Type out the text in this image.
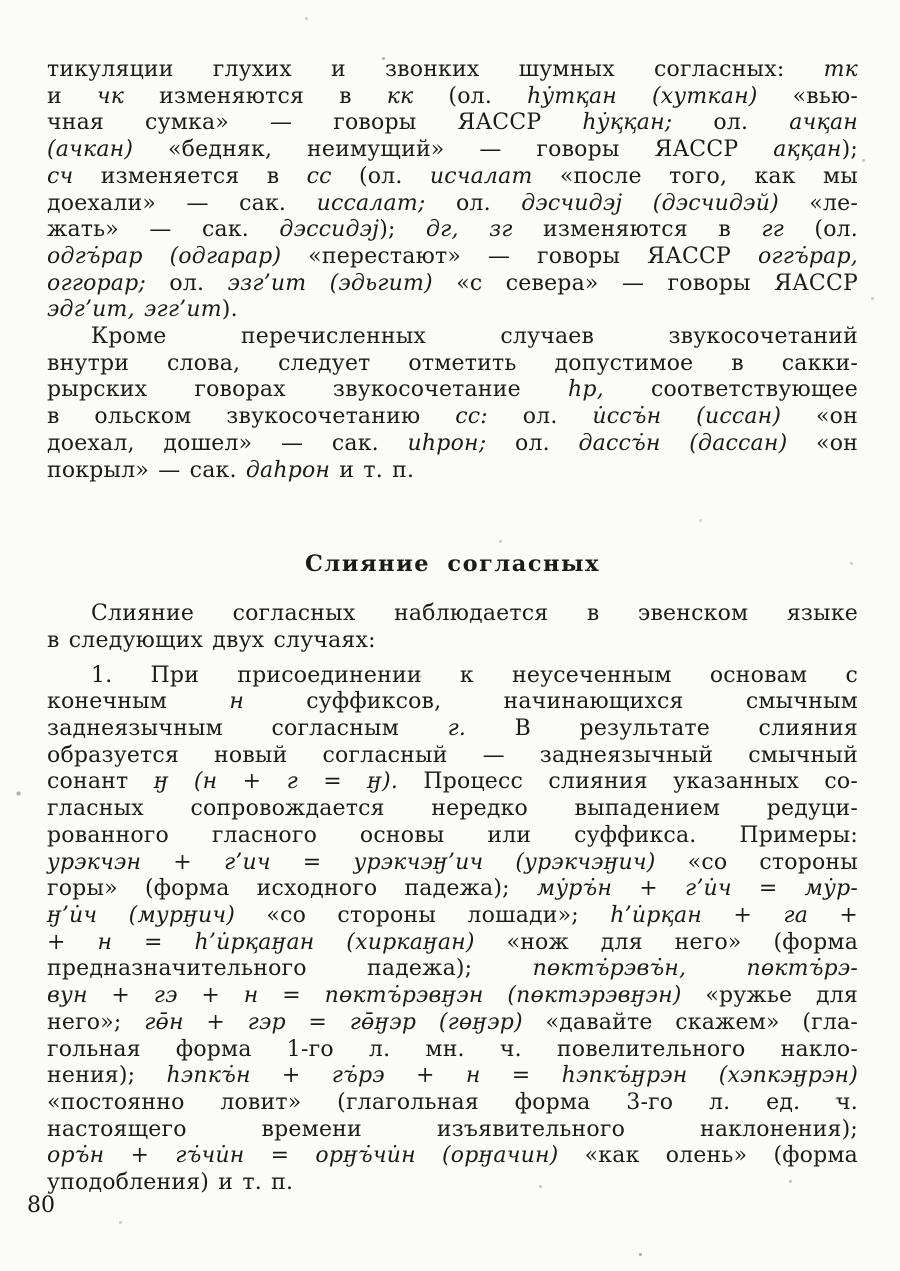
тикуляции глухих и звонких шумных согласных: тк
и чк изменяются в кк (ол. hу̇тқан (хуткан) «вью-
чная сумка» — говоры ЯАССР hу̇ққан; ол. ачқан
(ачкан) «бедняк, неимущий» — говоры ЯАССР аққан);
сч изменяется в сс (ол. исчалат «после того, как мы
доехали» — сак. иссалат; ол. дэсчидэj (дэсчидэй) «ле-
жать» — сак. дэссидэj); дг, зг изменяются в гг (ол.
одгъ̇рар (одгарар) «перестают» — говоры ЯАССР оггъ̇рар,
оггорар; ол. эзг’ит (эдьгит) «с севера» — говоры ЯАССР
эдг’ит, эгг’ит).
Кроме перечисленных случаев звукосочетаний
внутри слова, следует отметить допустимое в сакки-
рырских говорах звукосочетание hр, соответствующее
в ольском звукосочетанию сс: ол. и̇ссъ̇н (иссан) «он
доехал, дошел» — сак. иhрон; ол. дассъ̇н (дассан) «он
покрыл» — сак. даhрон и т. п.
Слияние согласных
Слияние согласных наблюдается в эвенском языке
в следующих двух случаях:
1. При присоединении к неусеченным основам с
конечным н суффиксов, начинающихся смычным
заднеязычным согласным г. В результате слияния
образуется новый согласный — заднеязычный смычный
сонант ӈ (н + г = ӈ). Процесс слияния указанных со-
гласных сопровождается нередко выпадением редуци-
рованного гласного основы или суффикса. Примеры:
урэкчэн + г’ич = урэкчэӈ’ич (урэкчэӈич) «со стороны
горы» (форма исходного падежа); му̇ръ̇н + г’и̇ч = му̇р-
ӈ’и̇ч (мурӈич) «со стороны лошади»; h’и̇рқан + га +
+ н = h’и̇рқаӈан (хиркаӈан) «нож для него» (форма
предназначительного падежа); пөктъ̇рэвъ̇н, пөктъ̇рэ-
вун + гэ + н = пөктъ̇рэвӈэн (пөктэрэвӈэн) «ружье для
него»; гө̄н + гэр = гө̄ӈэр (гөӈэр) «давайте скажем» (гла-
гольная форма 1-го л. мн. ч. повелительного накло-
нения); hэпкъ̇н + гъ̇рэ + н = hэпкъ̇ӈрэн (хэпкэӈрэн)
«постоянно ловит» (глагольная форма 3-го л. ед. ч.
настоящего времени изъявительного наклонения);
оръ̇н + гъ̇чи̇н = орӈъ̇чи̇н (орӈачин) «как олень» (форма
уподобления) и т. п.
80
